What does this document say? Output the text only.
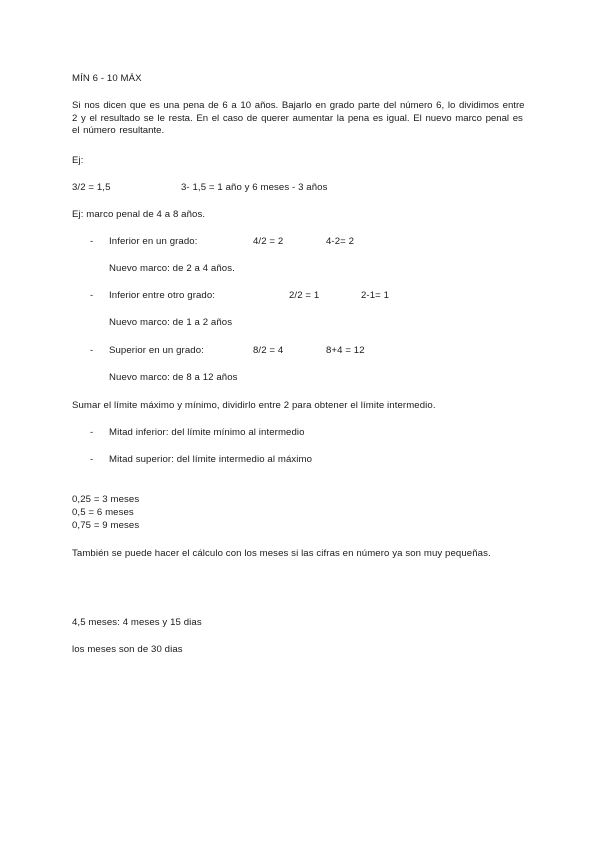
MÍN 6 - 10 MÁX
Si nos dicen que es una pena de 6 a 10 años. Bajarlo en grado parte del número 6, lo dividimos entre 2 y el resultado se le resta. En el caso de querer aumentar la pena es igual. El nuevo marco penal es el número resultante.
Ej:
3/2 = 1,5	3- 1,5 = 1 año y 6 meses - 3 años
Ej: marco penal de 4 a 8 años.
- Inferior en un grado:	4/2 = 2	4-2= 2
Nuevo marco: de 2 a 4 años.
- Inferior entre otro grado:	2/2 = 1	2-1= 1
Nuevo marco: de 1 a 2 años
- Superior en un grado:	8/2 = 4	8+4 = 12
Nuevo marco: de 8 a 12 años
Sumar el límite máximo y mínimo, dividirlo entre 2 para obtener el límite intermedio.
- Mitad inferior: del límite mínimo al intermedio
- Mitad superior: del límite intermedio al máximo
0,25 = 3 meses
0,5 = 6 meses
0,75 = 9 meses
También se puede hacer el cálculo con los meses si las cifras en número ya son muy pequeñas.
4,5 meses: 4 meses y 15 dias
los meses son de 30 dias
